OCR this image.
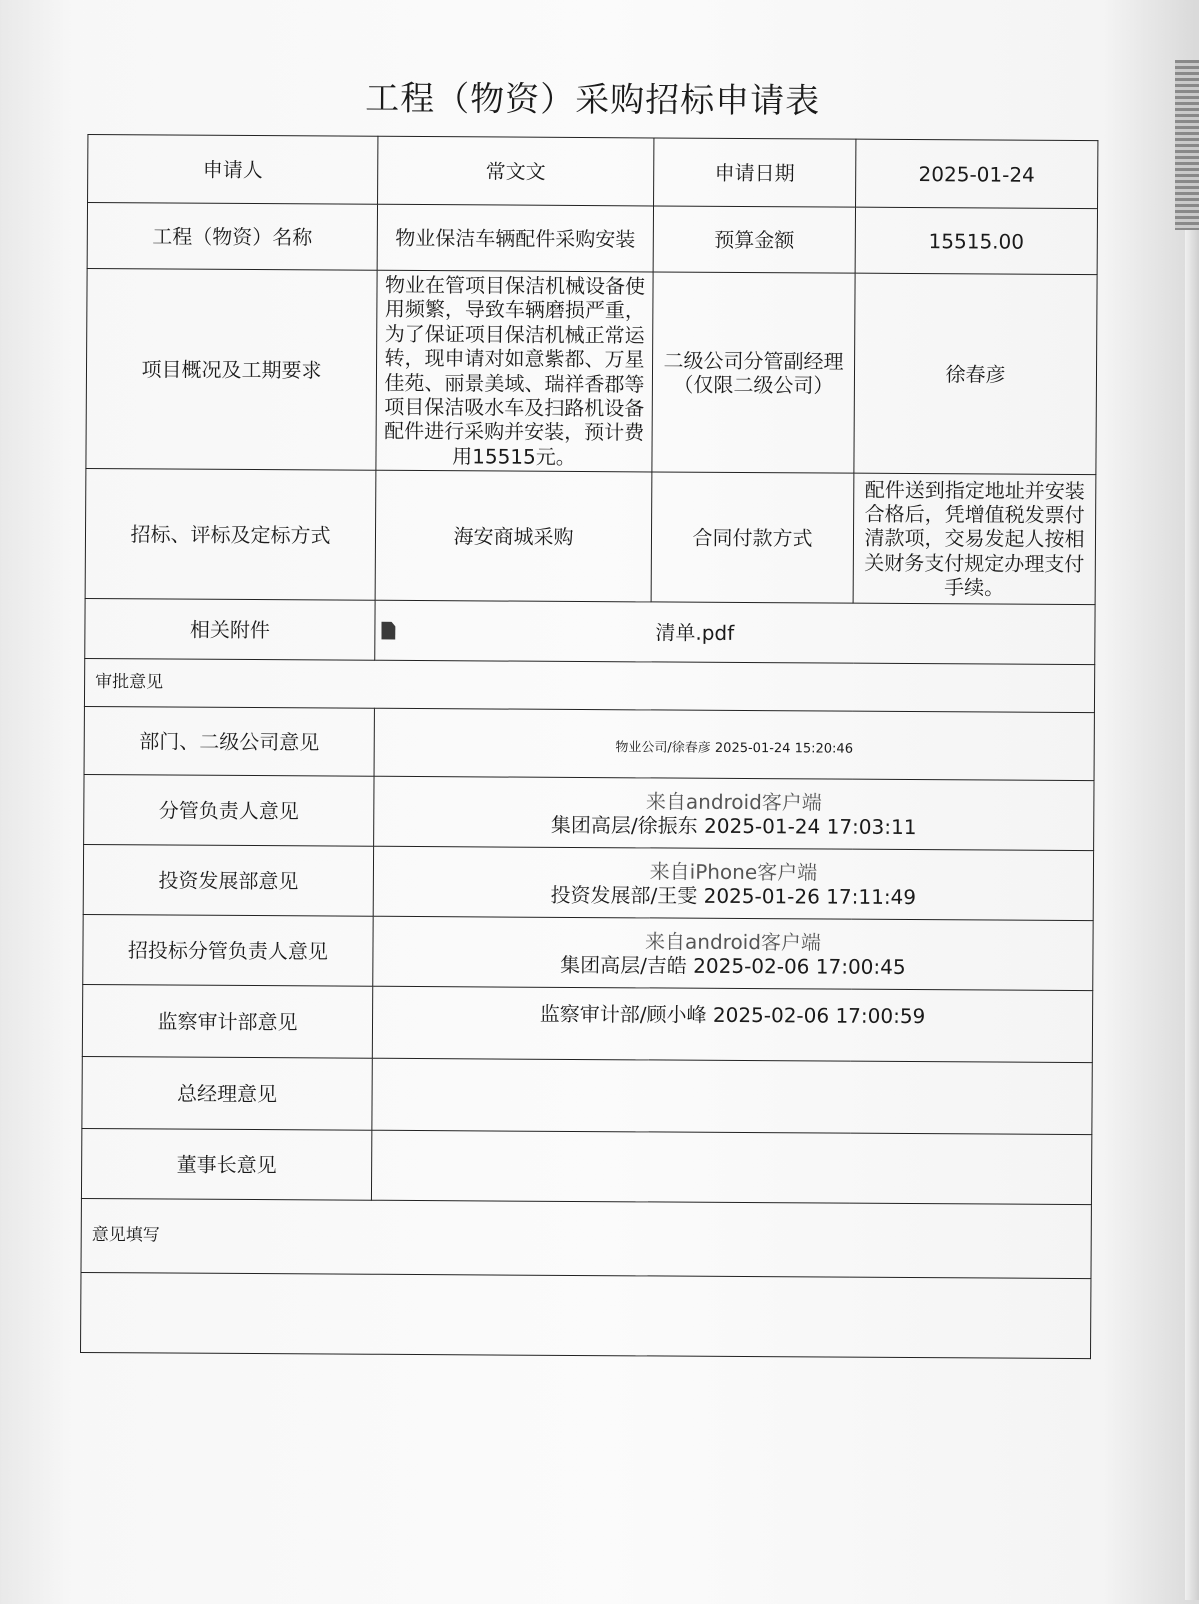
工程（物资）采购招标申请表
申请人	常文文	申请日期	2025-01-24
工程（物资）名称	物业保洁车辆配件采购安装	预算金额	15515.00
项目概况及工期要求	物业在管项目保洁机械设备使用频繁，导致车辆磨损严重，为了保证项目保洁机械正常运转，现申请对如意紫都、万星佳苑、丽景美域、瑞祥香郡等项目保洁吸水车及扫路机设备配件进行采购并安装，预计费用15515元。	二级公司分管副经理（仅限二级公司）	徐春彦
招标、评标及定标方式	海安商城采购	合同付款方式	配件送到指定地址并安装合格后，凭增值税发票付清款项，交易发起人按相关财务支付规定办理支付手续。
相关附件	清单.pdf		

审批意见			
部门、二级公司意见	物业公司/徐春彦 2025-01-24 15:20:46		
分管负责人意见	来自android客户端
集团高层/徐振东 2025-01-24 17:03:11		

投资发展部意见	来自iPhone客户端
投资发展部/王雯 2025-01-26 17:11:49		

招投标分管负责人意见	来自android客户端
集团高层/吉皓 2025-02-06 17:00:45		

监察审计部意见	监察审计部/顾小峰 2025-02-06 17:00:59		
总经理意见			
董事长意见			
意见填写			
